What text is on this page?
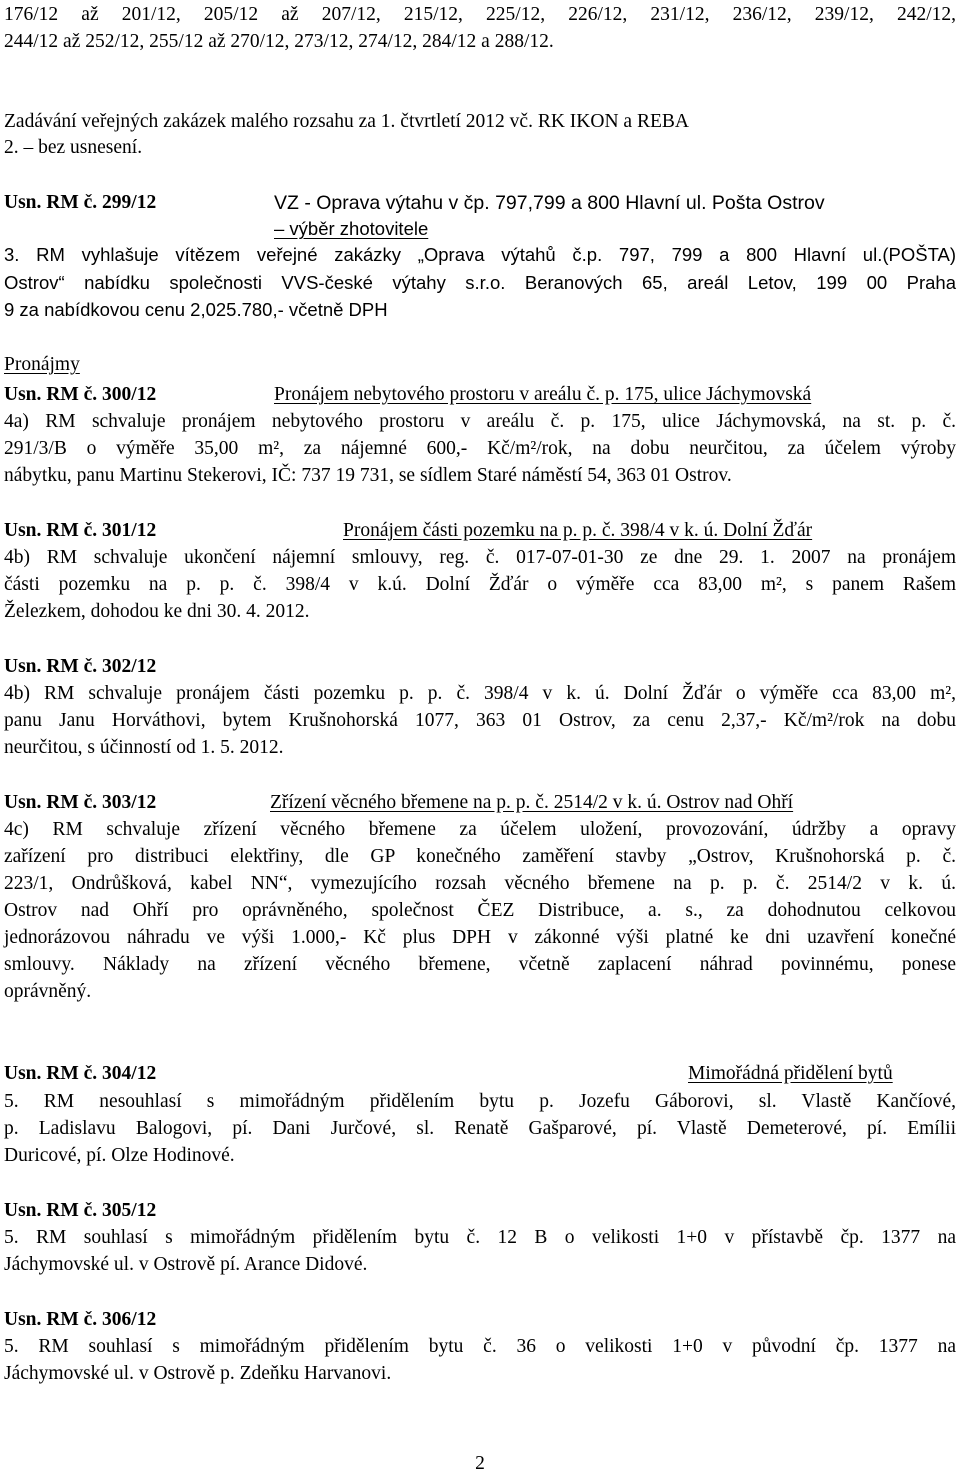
176/12 až 201/12, 205/12 až 207/12, 215/12, 225/12, 226/12, 231/12, 236/12, 239/12, 242/12,
244/12 až 252/12, 255/12 až 270/12, 273/12, 274/12, 284/12 a 288/12.
Zadávání veřejných zakázek malého rozsahu za 1. čtvrtletí 2012 vč. RK IKON a REBA
2. – bez usnesení.
Usn. RM č. 299/12	VZ - Oprava výtahu v čp. 797,799 a 800 Hlavní ul. Pošta Ostrov
– výběr zhotovitele
3. RM vyhlašuje vítězem veřejné zakázky „Oprava výtahů č.p. 797, 799 a 800 Hlavní ul.(POŠTA)
Ostrov“ nabídku společnosti VVS-české výtahy s.r.o. Beranových 65, areál Letov, 199 00 Praha
9 za nabídkovou cenu 2,025.780,- včetně DPH
Pronájmy
Usn. RM č. 300/12	Pronájem nebytového prostoru v areálu č. p. 175, ulice Jáchymovská
4a) RM schvaluje pronájem nebytového prostoru v areálu č. p. 175, ulice Jáchymovská, na st. p. č.
291/3/B o výměře 35,00 m², za nájemné 600,- Kč/m²/rok, na dobu neurčitou, za účelem výroby
nábytku, panu Martinu Stekerovi, IČ: 737 19 731, se sídlem Staré náměstí 54, 363 01 Ostrov.
Usn. RM č. 301/12	Pronájem části pozemku na p. p. č. 398/4 v k. ú. Dolní Žďár
4b) RM schvaluje ukončení nájemní smlouvy, reg. č. 017-07-01-30 ze dne 29. 1. 2007 na pronájem
části pozemku na p. p. č. 398/4 v k.ú. Dolní Žďár o výměře cca 83,00 m², s panem Rašem
Železkem, dohodou ke dni 30. 4. 2012.
Usn. RM č. 302/12
4b) RM schvaluje pronájem části pozemku p. p. č. 398/4 v k. ú. Dolní Žďár o výměře cca 83,00 m²,
panu Janu Horváthovi, bytem Krušnohorská 1077, 363 01 Ostrov, za cenu 2,37,- Kč/m²/rok na dobu
neurčitou, s účinností od 1. 5. 2012.
Usn. RM č. 303/12	Zřízení věcného břemene na p. p. č. 2514/2 v k. ú. Ostrov nad Ohří
4c) RM schvaluje zřízení věcného břemene za účelem uložení, provozování, údržby a opravy
zařízení pro distribuci elektřiny, dle GP konečného zaměření stavby „Ostrov, Krušnohorská p. č.
223/1, Ondrůšková, kabel NN“, vymezujícího rozsah věcného břemene na p. p. č. 2514/2 v k. ú.
Ostrov nad Ohří pro oprávněného, společnost ČEZ Distribuce, a. s., za dohodnutou celkovou
jednorázovou náhradu ve výši 1.000,- Kč plus DPH v zákonné výši platné ke dni uzavření konečné
smlouvy. Náklady na zřízení věcného břemene, včetně zaplacení náhrad povinnému, ponese
oprávněný.
Usn. RM č. 304/12	Mimořádná přidělení bytů
5. RM nesouhlasí s mimořádným přidělením bytu p. Jozefu Gáborovi, sl. Vlastě Kančíové,
p. Ladislavu Balogovi, pí. Dani Jurčové, sl. Renatě Gašparové, pí. Vlastě Demeterové, pí. Emílii
Duricové, pí. Olze Hodinové.
Usn. RM č. 305/12
5. RM souhlasí s mimořádným přidělením bytu č. 12 B o velikosti 1+0 v přístavbě čp. 1377 na
Jáchymovské ul. v Ostrově pí. Arance Didové.
Usn. RM č. 306/12
5. RM souhlasí s mimořádným přidělením bytu č. 36 o velikosti 1+0 v původní čp. 1377 na
Jáchymovské ul. v Ostrově p. Zdeňku Harvanovi.
2
